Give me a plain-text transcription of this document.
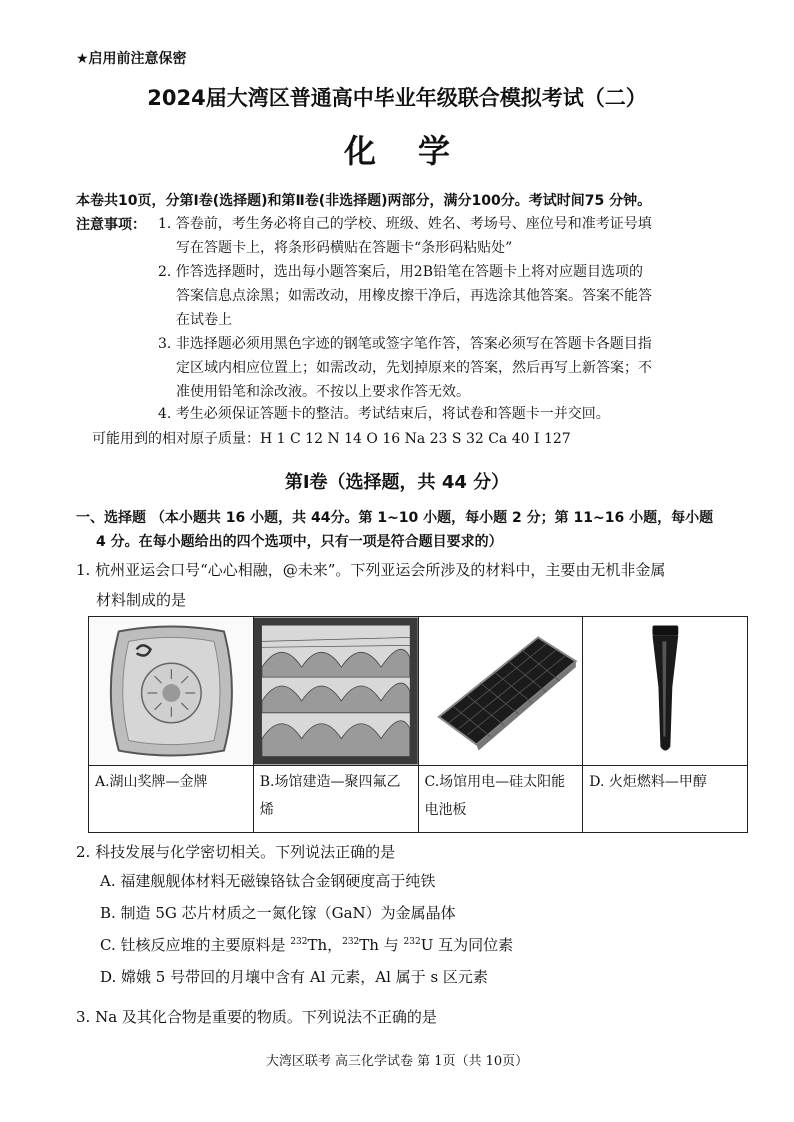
★启用前注意保密
2024届大湾区普通高中毕业年级联合模拟考试（二）
化学
本卷共10页，分第Ⅰ卷(选择题)和第Ⅱ卷(非选择题)两部分，满分100分。考试时间75 分钟。
注意事项： 1. 答卷前，考生务必将自己的学校、班级、姓名、考场号、座位号和准考证号填
写在答题卡上，将条形码横贴在答题卡“条形码粘贴处”
2. 作答选择题时，选出每小题答案后，用2B铅笔在答题卡上将对应题目选项的
答案信息点涂黑；如需改动，用橡皮擦干净后，再选涂其他答案。答案不能答
在试卷上
3. 非选择题必须用黑色字迹的钢笔或签字笔作答，答案必须写在答题卡各题目指
定区域内相应位置上；如需改动，先划掉原来的答案，然后再写上新答案；不
准使用铅笔和涂改液。不按以上要求作答无效。
4. 考生必须保证答题卡的整洁。考试结束后，将试卷和答题卡一并交回。
可能用到的相对原子质量：H 1 C 12 N 14 O 16 Na 23 S 32 Ca 40 I 127
第Ⅰ卷（选择题，共 44 分）
一、选择题 （本小题共 16 小题，共 44分。第 1~10 小题，每小题 2 分；第 11~16 小题，每小题
4 分。在每小题给出的四个选项中，只有一项是符合题目要求的）
1. 杭州亚运会口号“心心相融，@未来”。下列亚运会所涉及的材料中，主要由无机非金属
材料制成的是

A.湖山奖牌—金牌	B.场馆建造—聚四氟乙烯	C.场馆用电—硅太阳能电池板	D. 火炬燃料—甲醇
2. 科技发展与化学密切相关。下列说法正确的是
A. 福建舰舰体材料无磁镍铬钛合金钢硬度高于纯铁
B. 制造 5G 芯片材质之一氮化镓（GaN）为金属晶体
C. 钍核反应堆的主要原料是 $^{232}$Th，$^{232}$Th 与 $^{232}$U 互为同位素
D. 嫦娥 5 号带回的月壤中含有 Al 元素，Al 属于 s 区元素
3. Na 及其化合物是重要的物质。下列说法不正确的是
大湾区联考 高三化学试卷 第 1页（共 10页）
